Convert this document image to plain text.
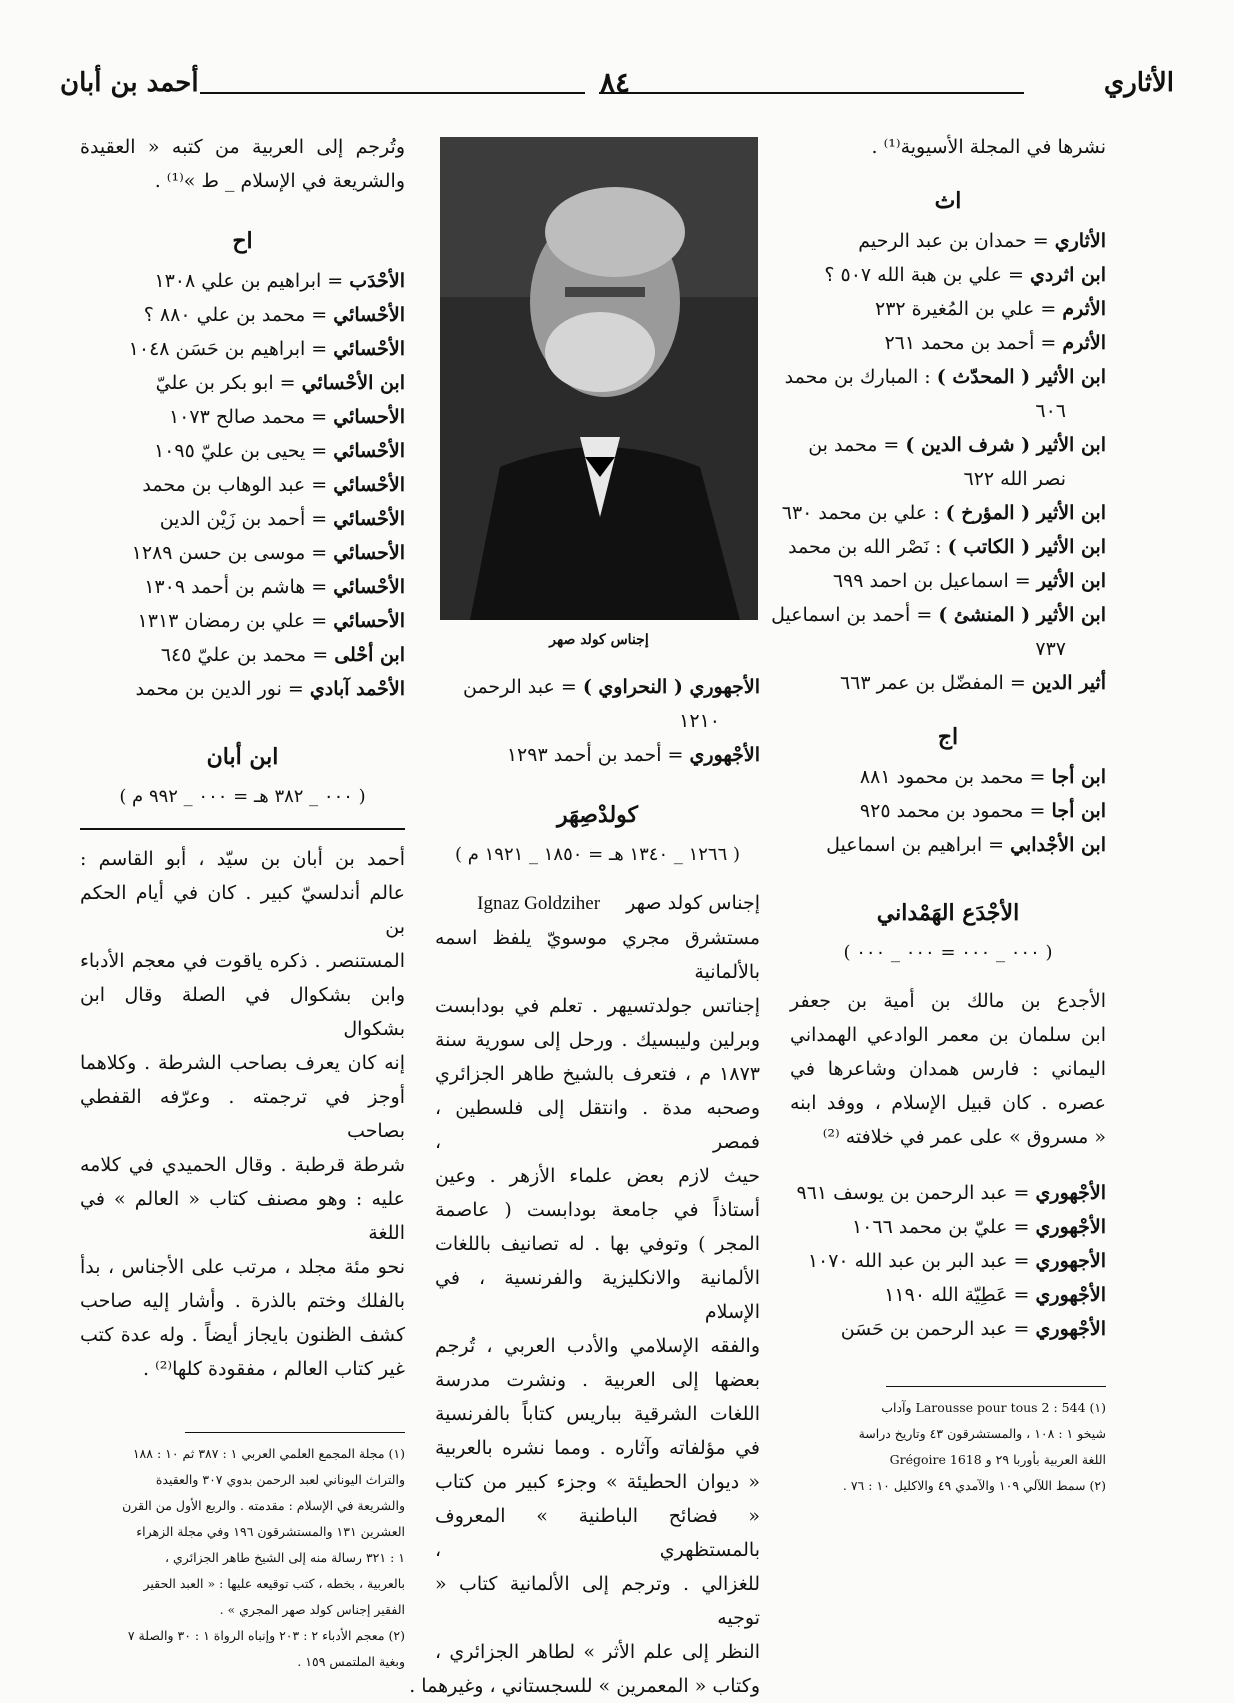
الأثاري
٨٤
أحمد بن أبان
نشرها في المجلة الأسيوية⁽¹⁾ .
اث
الأثاري = حمدان بن عبد الرحيم
ابن اثردي = علي بن هبة الله ٥٠٧ ؟
الأثرم = علي بن المُغيرة ٢٣٢
الأثرم = أحمد بن محمد ٢٦١
ابن الأثير ( المحدّث ) : المبارك بن محمد
٦٠٦
ابن الأثير ( شرف الدين ) = محمد بن
نصر الله ٦٢٢
ابن الأثير ( المؤرخ ) : علي بن محمد ٦٣٠
ابن الأثير ( الكاتب ) : نَصْر الله بن محمد
ابن الأثير = اسماعيل بن احمد ٦٩٩
ابن الأثير ( المنشئ ) = أحمد بن اسماعيل
٧٣٧
أثير الدين = المفضّل بن عمر ٦٦٣
اج
ابن أجا = محمد بن محمود ٨٨١
ابن أجا = محمود بن محمد ٩٢٥
ابن الأجْدابي = ابراهيم بن اسماعيل
الأجْدَع الهَمْداني
( ٠٠٠ _ ٠٠٠ = ٠٠٠ _ ٠٠٠ )
الأجدع بن مالك بن أمية بن جعفر
ابن سلمان بن معمر الوادعي الهمداني
اليماني : فارس همدان وشاعرها في
عصره . كان قبيل الإسلام ، ووفد ابنه
« مسروق » على عمر في خلافته ⁽²⁾
الأجْهوري = عبد الرحمن بن يوسف ٩٦١
الأجْهوري = عليّ بن محمد ١٠٦٦
الأجهوري = عبد البر بن عبد الله ١٠٧٠
الأجْهوري = عَطِيّة الله ١١٩٠
الأجْهوري = عبد الرحمن بن حَسَن
(١) Larousse pour tous 2 : 544 وآداب
شيخو ١ : ١٠٨ ، والمستشرقون ٤٣ وتاريخ دراسة
اللغة العربية بأوربا ٢٩ و Grégoire 1618
(٢) سمط اللآلي ١٠٩ والآمدي ٤٩ والاكليل ١٠ : ٧٦ .
إجناس كولد صهر
الأجهوري ( النحراوي ) = عبد الرحمن
١٢١٠
الأجْهوري = أحمد بن أحمد ١٢٩٣
كولدْصِهَر
( ١٢٦٦ _ ١٣٤٠ هـ = ١٨٥٠ _ ١٩٢١ م )
إجناس كولد صهر  Ignaz Goldziher
مستشرق مجري موسويّ يلفظ اسمه بالألمانية
إجناتس جولدتسيهر . تعلم في بودابست
وبرلين وليبسيك . ورحل إلى سورية سنة
١٨٧٣ م ، فتعرف بالشيخ طاهر الجزائري
وصحبه مدة . وانتقل إلى فلسطين ، فمصر ،
حيث لازم بعض علماء الأزهر . وعين
أستاذاً في جامعة بودابست ( عاصمة
المجر ) وتوفي بها . له تصانيف باللغات
الألمانية والانكليزية والفرنسية ، في الإسلام
والفقه الإسلامي والأدب العربي ، تُرجم
بعضها إلى العربية . ونشرت مدرسة
اللغات الشرقية بباريس كتاباً بالفرنسية
في مؤلفاته وآثاره . ومما نشره بالعربية
« ديوان الحطيئة » وجزء كبير من كتاب
« فضائح الباطنية » المعروف بالمستظهري ،
للغزالي . وترجم إلى الألمانية كتاب « توجيه
النظر إلى علم الأثر » لطاهر الجزائري ،
وكتاب « المعمرين » للسجستاني ، وغيرهما .
وتُرجم إلى العربية من كتبه « العقيدة
والشريعة في الإسلام _ ط »⁽¹⁾ .
اح
الأحْدَب = ابراهيم بن علي ١٣٠٨
الأحْسائي = محمد بن علي ٨٨٠ ؟
الأحْسائي = ابراهيم بن حَسَن ١٠٤٨
ابن الأحْسائي = ابو بكر بن عليّ
الأحسائي = محمد صالح ١٠٧٣
الأحْسائي = يحيى بن عليّ ١٠٩٥
الأحْسائي = عبد الوهاب بن محمد
الأحْسائي = أحمد بن زَيْن الدين
الأحسائي = موسى بن حسن ١٢٨٩
الأحْسائي = هاشم بن أحمد ١٣٠٩
الأحسائي = علي بن رمضان ١٣١٣
ابن أحْلى = محمد بن عليّ ٦٤٥
الأحْمد آبادي = نور الدين بن محمد
ابن أبان
( ٠٠٠ _ ٣٨٢ هـ = ٠٠٠ _ ٩٩٢ م )
أحمد بن أبان بن سيّد ، أبو القاسم :
عالم أندلسيّ كبير . كان في أيام الحكم بن
المستنصر . ذكره ياقوت في معجم الأدباء
وابن بشكوال في الصلة وقال ابن بشكوال
إنه كان يعرف بصاحب الشرطة . وكلاهما
أوجز في ترجمته . وعرّفه القفطي بصاحب
شرطة قرطبة . وقال الحميدي في كلامه
عليه : وهو مصنف كتاب « العالم » في اللغة
نحو مئة مجلد ، مرتب على الأجناس ، بدأ
بالفلك وختم بالذرة . وأشار إليه صاحب
كشف الظنون بايجاز أيضاً . وله عدة كتب
غير كتاب العالم ، مفقودة كلها⁽²⁾ .
(١) مجلة المجمع العلمي العربي ١ : ٣٨٧ ثم ١٠ : ١٨٨
والتراث اليوناني لعبد الرحمن بدوي ٣٠٧ والعقيدة
والشريعة في الإسلام : مقدمته . والربع الأول من القرن
العشرين ١٣١ والمستشرقون ١٩٦ وفي مجلة الزهراء
١ : ٣٢١ رسالة منه إلى الشيخ طاهر الجزائري ،
بالعربية ، بخطه ، كتب توقيعه عليها : « العبد الحقير
الفقير إجناس كولد صهر المجري » .
(٢) معجم الأدباء ٢ : ٢٠٣ وإنباه الرواة ١ : ٣٠ والصلة ٧
وبغية الملتمس ١٥٩ .
